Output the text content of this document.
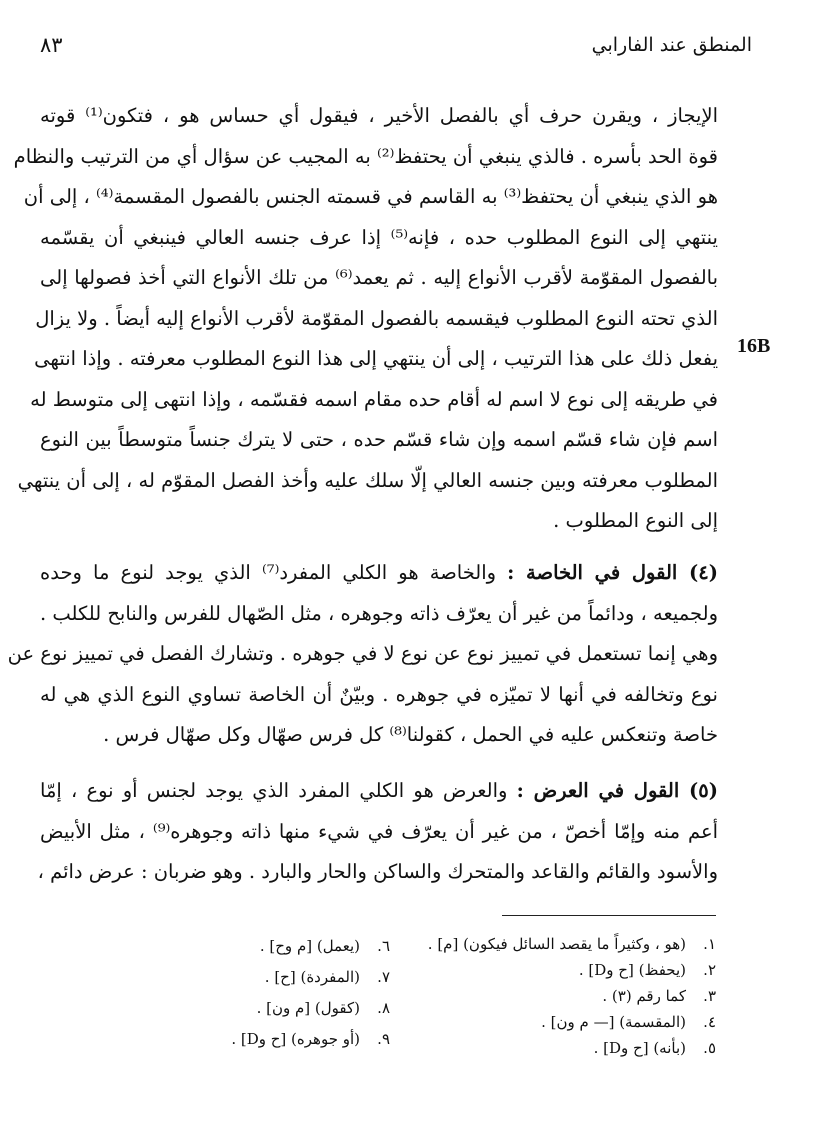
المنطق عند الفارابي
٨٣
16B
الإيجاز ، ويقرن حرف أي بالفصل الأخير ، فيقول أي حساس هو ، فتكون⁽¹⁾ قوته
قوة الحد بأسره . فالذي ينبغي أن يحتفظ⁽²⁾ به المجيب عن سؤال أي من الترتيب والنظام
هو الذي ينبغي أن يحتفظ⁽³⁾ به القاسم في قسمته الجنس بالفصول المقسمة⁽⁴⁾ ، إلى أن
ينتهي إلى النوع المطلوب حده ، فإنه⁽⁵⁾ إذا عرف جنسه العالي فينبغي أن يقسّمه
بالفصول المقوّمة لأقرب الأنواع إليه . ثم يعمد⁽⁶⁾ من تلك الأنواع التي أخذ فصولها إلى
الذي تحته النوع المطلوب فيقسمه بالفصول المقوّمة لأقرب الأنواع إليه أيضاً . ولا يزال
يفعل ذلك على هذا الترتيب ، إلى أن ينتهي إلى هذا النوع المطلوب معرفته . وإذا انتهى
في طريقه إلى نوع لا اسم له أقام حده مقام اسمه فقسّمه ، وإذا انتهى إلى متوسط له
اسم فإن شاء قسّم اسمه وإن شاء قسّم حده ، حتى لا يترك جنساً متوسطاً بين النوع
المطلوب معرفته وبين جنسه العالي إلّا سلك عليه وأخذ الفصل المقوّم له ، إلى أن ينتهي
إلى النوع المطلوب .
(٤) القول في الخاصة : والخاصة هو الكلي المفرد⁽⁷⁾ الذي يوجد لنوع ما وحده
ولجميعه ، ودائماً من غير أن يعرّف ذاته وجوهره ، مثل الصّهال للفرس والنابح للكلب .
وهي إنما تستعمل في تمييز نوع عن نوع لا في جوهره . وتشارك الفصل في تمييز نوع عن
نوع وتخالفه في أنها لا تميّزه في جوهره . وبيّنٌ أن الخاصة تساوي النوع الذي هي له
خاصة وتنعكس عليه في الحمل ، كقولنا⁽⁸⁾ كل فرس صهّال وكل صهّال فرس .
(٥) القول في العرض : والعرض هو الكلي المفرد الذي يوجد لجنس أو نوع ، إمّا
أعم منه وإمّا أخصّ ، من غير أن يعرّف في شيء منها ذاته وجوهره⁽⁹⁾ ، مثل الأبيض
والأسود والقائم والقاعد والمتحرك والساكن والحار والبارد . وهو ضربان : عرض دائم ،
١.(هو ، وكثيراً ما يقصد السائل فيكون) [م] .
٢.(يحفظ) [ح وD] .
٣.كما رقم (٣) .
٤.(المقسمة) [— م ون] .
٥.(بأنه) [ح وD] .
٦.(يعمل) [م وح] .
٧.(المفردة) [ح] .
٨.(كقول) [م ون] .
٩.(أو جوهره) [ح وD] .
